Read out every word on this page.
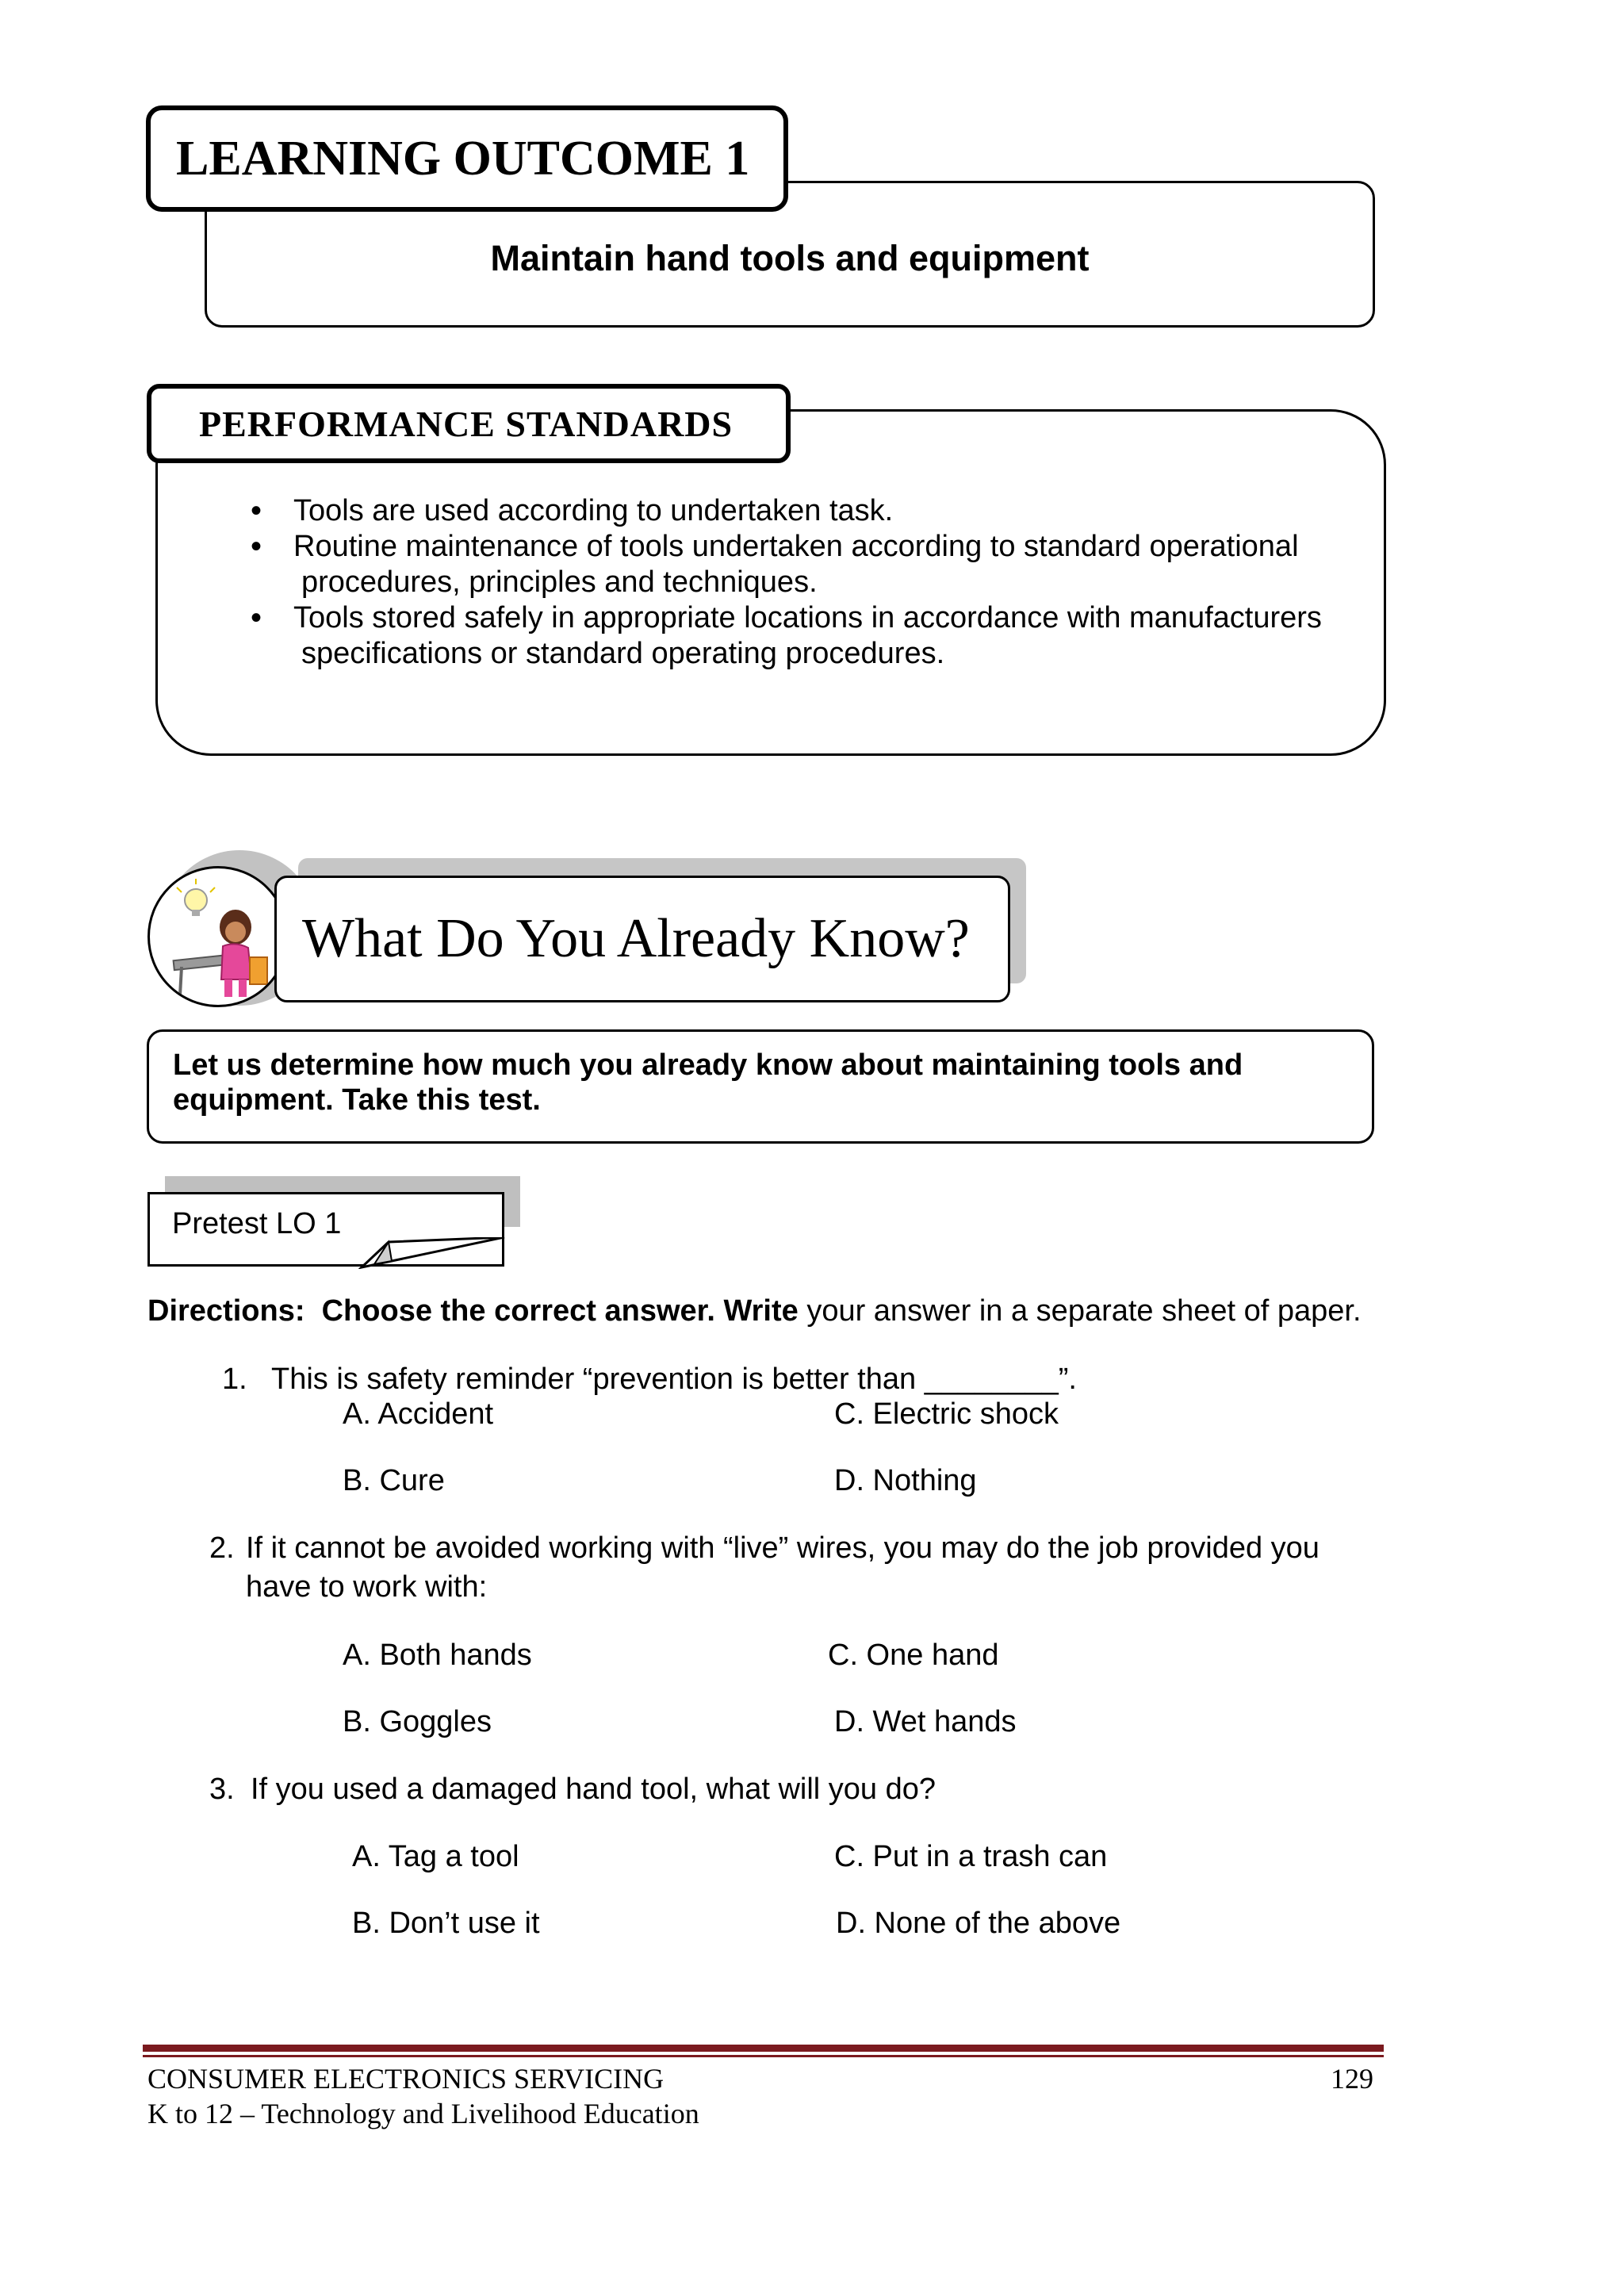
LEARNING OUTCOME 1
Maintain hand tools and equipment
PERFORMANCE STANDARDS
• Tools are used according to undertaken task.
• Routine maintenance of tools undertaken according to standard operational
procedures, principles and techniques.
• Tools stored safely in appropriate locations in accordance with manufacturers
specifications or standard operating procedures.
What Do You Already Know?
Let us determine how much you already know about maintaining tools and
equipment. Take this test.
Pretest LO 1
Directions: Choose the correct answer. Write your answer in a separate sheet of paper.
1. This is safety reminder “prevention is better than ________”.
A. Accident	C. Electric shock
B. Cure	D. Nothing
2. If it cannot be avoided working with “live” wires, you may do the job provided you
have to work with:
A. Both hands	C. One hand
B. Goggles	D. Wet hands
3. If you used a damaged hand tool, what will you do?
A. Tag a tool	C. Put in a trash can
B. Don’t use it	D. None of the above
CONSUMER ELECTRONICS SERVICING	129
K to 12 – Technology and Livelihood Education
